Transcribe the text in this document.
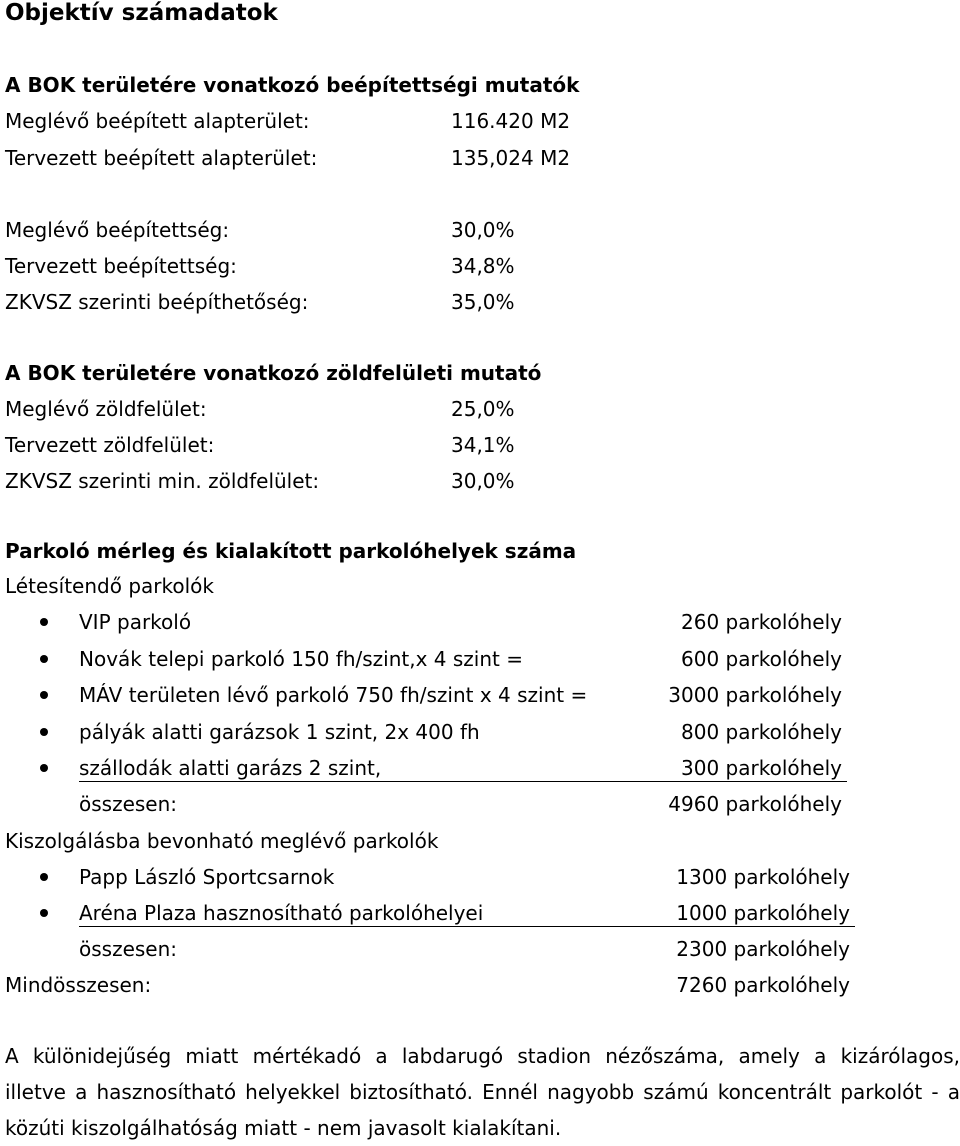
Objektív számadatok
A BOK területére vonatkozó beépítettségi mutatók
Meglévő beépített alapterület:	116.420 M2
Tervezett beépített alapterület:	135,024 M2
Meglévő beépítettség:	30,0%
Tervezett beépítettség:	34,8%
ZKVSZ szerinti beépíthetőség:	35,0%
A BOK területére vonatkozó zöldfelületi mutató
Meglévő zöldfelület:	25,0%
Tervezett zöldfelület:	34,1%
ZKVSZ szerinti min. zöldfelület:	30,0%
Parkoló mérleg és kialakított parkolóhelyek száma
Létesítendő parkolók
VIP parkoló	260 parkolóhely
Novák telepi parkoló 150 fh/szint,x 4 szint =	600 parkolóhely
MÁV területen lévő parkoló 750 fh/szint x 4 szint =	3000 parkolóhely
pályák alatti garázsok 1 szint, 2x 400 fh	800 parkolóhely
szállodák alatti garázs 2 szint,	300 parkolóhely
összesen:	4960 parkolóhely
Kiszolgálásba bevonható meglévő parkolók
Papp László Sportcsarnok	1300 parkolóhely
Aréna Plaza hasznosítható parkolóhelyei	1000 parkolóhely
összesen:	2300 parkolóhely
Mindösszesen:	7260 parkolóhely
A különidejűség miatt mértékadó a labdarugó stadion nézőszáma, amely a kizárólagos,
illetve a hasznosítható helyekkel biztosítható. Ennél nagyobb számú koncentrált parkolót - a
közúti kiszolgálhatóság miatt - nem javasolt kialakítani.
